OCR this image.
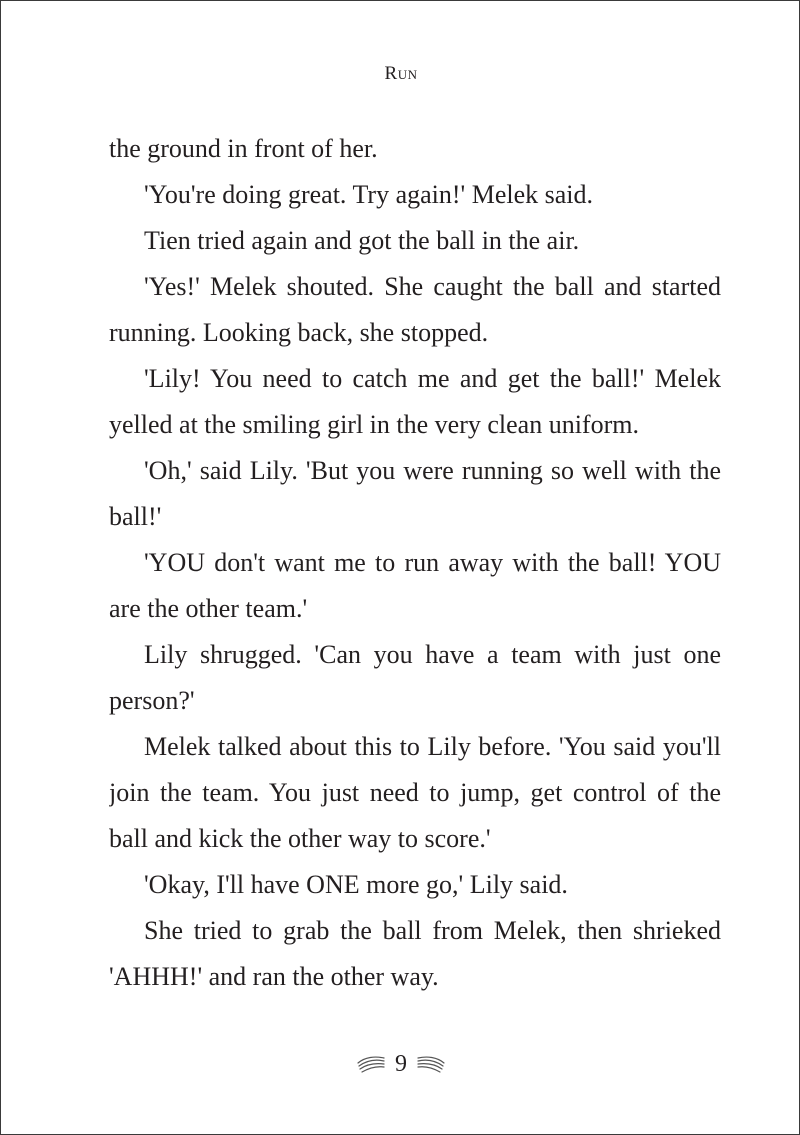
Run
the ground in front of her.
'You're doing great. Try again!' Melek said.
Tien tried again and got the ball in the air.
'Yes!' Melek shouted. She caught the ball and started
running. Looking back, she stopped.
'Lily! You need to catch me and get the ball!' Melek
yelled at the smiling girl in the very clean uniform.
'Oh,' said Lily. 'But you were running so well with the
ball!'
'YOU don't want me to run away with the ball! YOU
are the other team.'
Lily shrugged. 'Can you have a team with just one
person?'
Melek talked about this to Lily before. 'You said you'll
join the team. You just need to jump, get control of the
ball and kick the other way to score.'
'Okay, I'll have ONE more go,' Lily said.
She tried to grab the ball from Melek, then shrieked
'AHHH!' and ran the other way.
9
